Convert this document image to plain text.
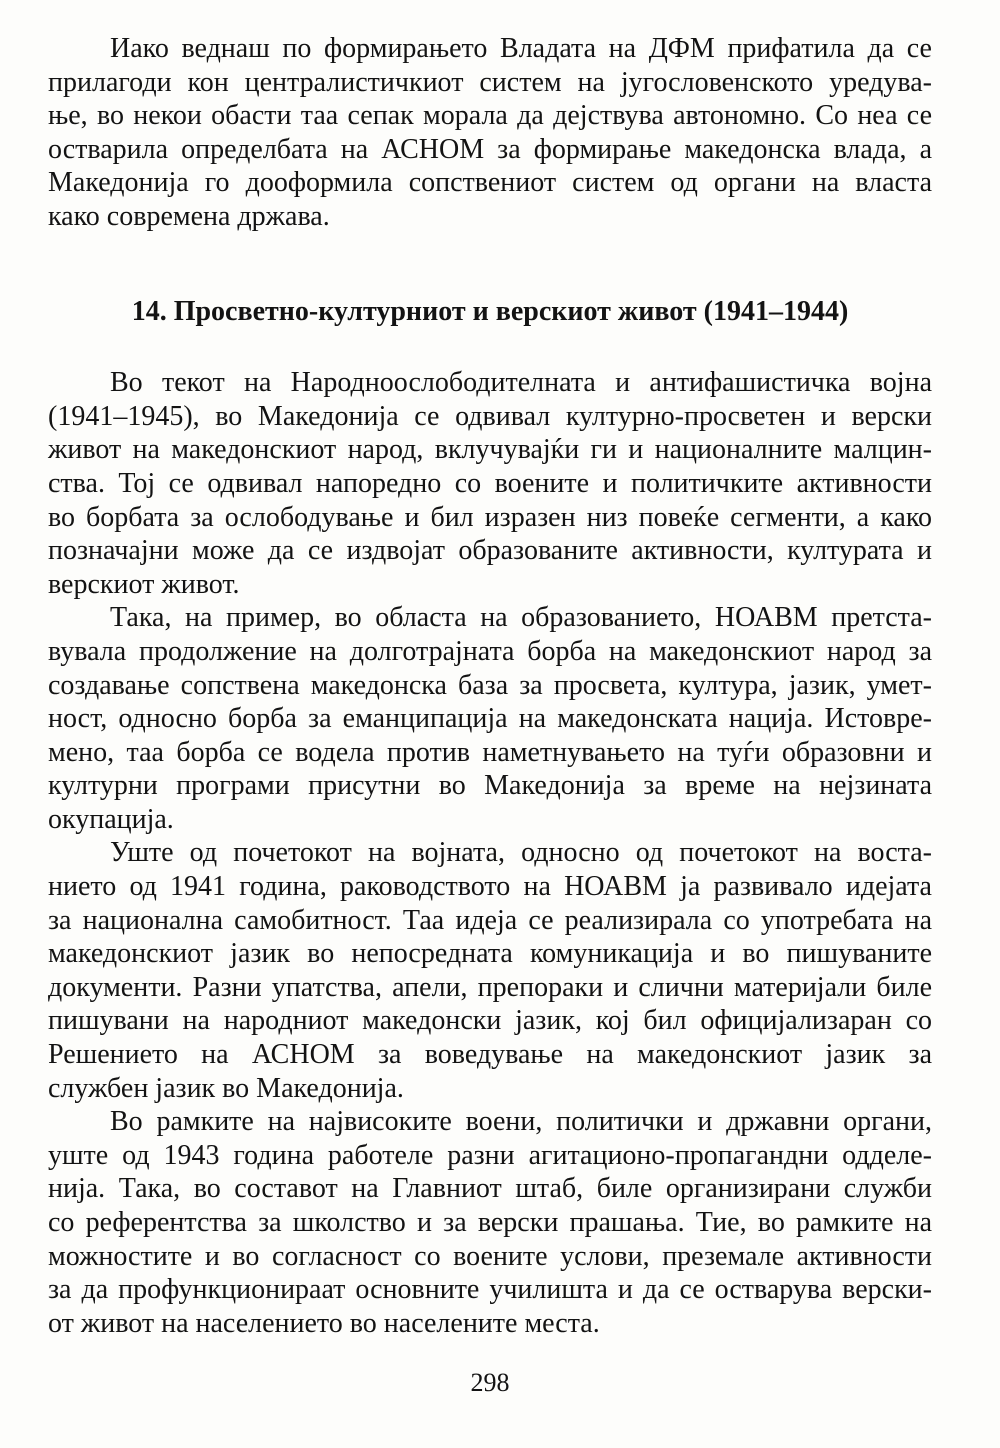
Иако веднаш по формирањето Владата на ДФМ прифатила да се
прилагоди кон централистичкиот систем на југословенското уредува-
ње, во некои обасти таа сепак морала да дејствува автономно. Со неа се
остварила определбата на АСНОМ за формирање македонска влада, а
Македонија го дооформила сопствениот систем од органи на власта
како современа држава.

14. Просветно-културниот и верскиот живот (1941–1944)

Во текот на Народноослободителната и антифашистичка војна
(1941–1945), во Македонија се одвивал културно-просветен и верски
живот на македонскиот народ, вклучувајќи ги и националните малцин-
ства. Тој се одвивал напоредно со воените и политичките активности
во борбата за ослободување и бил изразен низ повеќе сегменти, а како
позначајни може да се издвојат образованите активности, културата и
верскиот живот.

Така, на пример, во областа на образованието, НОАВМ претста-
вувала продолжение на долготрајната борба на македонскиот народ за
создавање сопствена македонска база за просвета, култура, јазик, умет-
ност, односно борба за еманципација на македонската нација. Истовре-
мено, таа борба се водела против наметнувањето на туѓи образовни и
културни програми присутни во Македонија за време на нејзината
окупација.

Уште од почетокот на војната, односно од почетокот на воста-
нието од 1941 година, раководството на НОАВМ ја развивало идејата
за национална самобитност. Таа идеја се реализирала со употребата на
македонскиот јазик во непосредната комуникација и во пишуваните
документи. Разни упатства, апели, препораки и слични материјали биле
пишувани на народниот македонски јазик, кој бил официјализаран со
Решението на АСНОМ за воведување на македонскиот јазик за
службен јазик во Македонија.

Во рамките на највисоките воени, политички и државни органи,
уште од 1943 година работеле разни агитационо-пропагандни одделе-
нија. Така, во составот на Главниот штаб, биле организирани служби
со референтства за школство и за верски прашања. Тие, во рамките на
можностите и во согласност со воените услови, преземале активности
за да профункционираат основните училишта и да се остварува верски-
от живот на населението во населените места.

298
